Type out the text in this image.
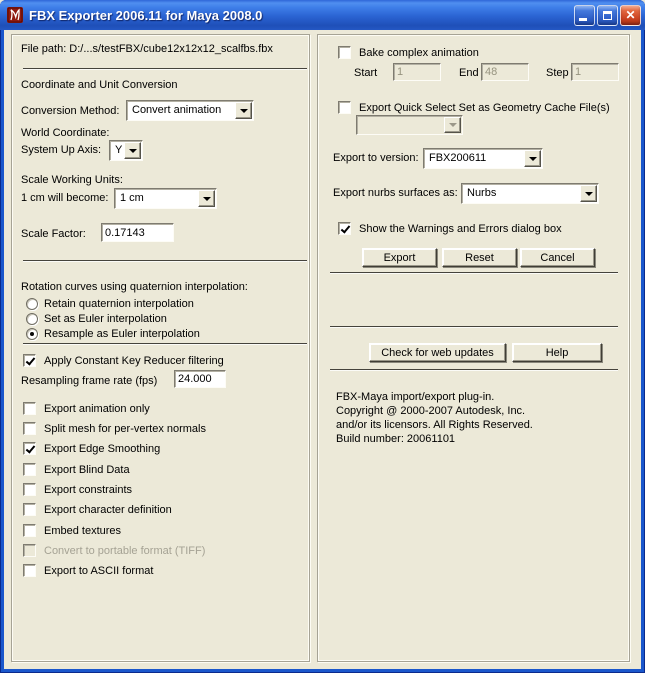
FBX Exporter 2006.11 for Maya 2008.0	✕
File path: D:/...s/testFBX/cube12x12x12_scalfbs.fbx
Coordinate and Unit Conversion
Conversion Method: Convert animation
World Coordinate:
System Up Axis: Y
Scale Working Units:
1 cm will become: 1 cm
Scale Factor:
0.17143
Rotation curves using quaternion interpolation:
Retain quaternion interpolation
Set as Euler interpolation
Resample as Euler interpolation
Apply Constant Key Reducer filtering
Resampling frame rate (fps)
24.000
Export animation only
Split mesh for per-vertex normals
Export Edge Smoothing
Export Blind Data
Export constraints
Export character definition
Embed textures
Convert to portable format (TIFF)
Export to ASCII format
Bake complex animation
Start
1	End
48	Step
1
Export Quick Select Set as Geometry Cache File(s)
Export to version: FBX200611
Export nurbs surfaces as: Nurbs
Show the Warnings and Errors dialog box
Export	Reset	Cancel
Check for web updates	Help
FBX-Maya import/export plug-in.
Copyright @ 2000-2007 Autodesk, Inc.
and/or its licensors. All Rights Reserved.
Build number: 20061101
